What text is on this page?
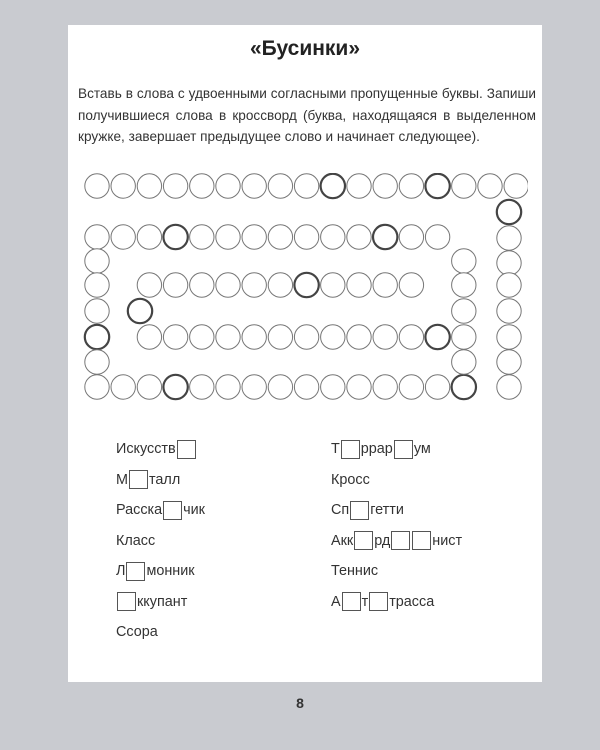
«Бусинки»
Вставь в слова с удвоенными согласными пропущенные буквы. Запиши получившиеся слова в кроссворд (буква, находящаяся в выделенном кружке, завершает предыдущее слово и начинает следующее).
Искусств
М талл
Расска чик
Класс
Л монник
ккупант
Ссора
Т ррар ум
Кросс
Сп гетти
Акк рд	нист
Теннис
А т трасса
8
